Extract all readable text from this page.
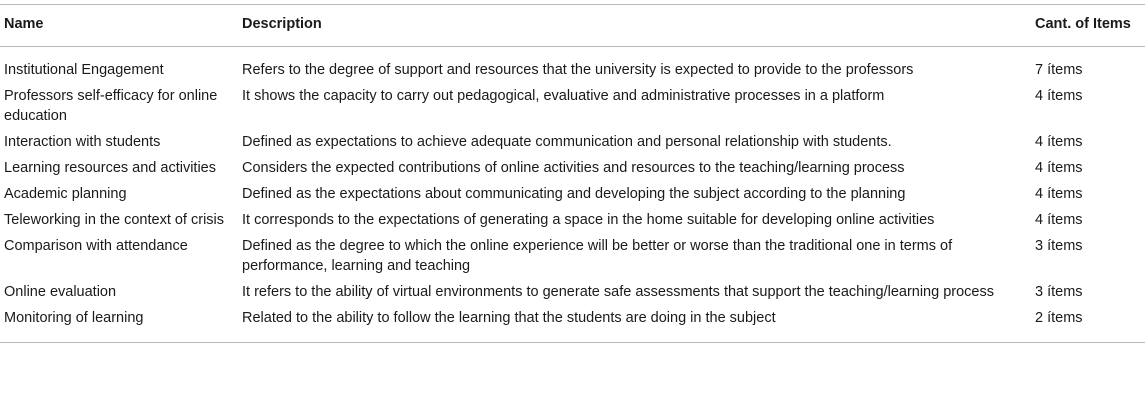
Name	Description	Cant. of Items
Institutional Engagement	Refers to the degree of support and resources that the university is expected to provide to the professors	7 ítems
Professors self-efficacy for online education	It shows the capacity to carry out pedagogical, evaluative and administrative processes in a platform	4 ítems
Interaction with students	Defined as expectations to achieve adequate communication and personal relationship with students.	4 ítems
Learning resources and activities	Considers the expected contributions of online activities and resources to the teaching/learning process	4 ítems
Academic planning	Defined as the expectations about communicating and developing the subject according to the planning	4 ítems
Teleworking in the context of crisis	It corresponds to the expectations of generating a space in the home suitable for developing online activities	4 ítems
Comparison with attendance	Defined as the degree to which the online experience will be better or worse than the traditional one in terms of performance, learning and teaching	3 ítems
Online evaluation	It refers to the ability of virtual environments to generate safe assessments that support the teaching/learning process	3 ítems
Monitoring of learning	Related to the ability to follow the learning that the students are doing in the subject	2 ítems
